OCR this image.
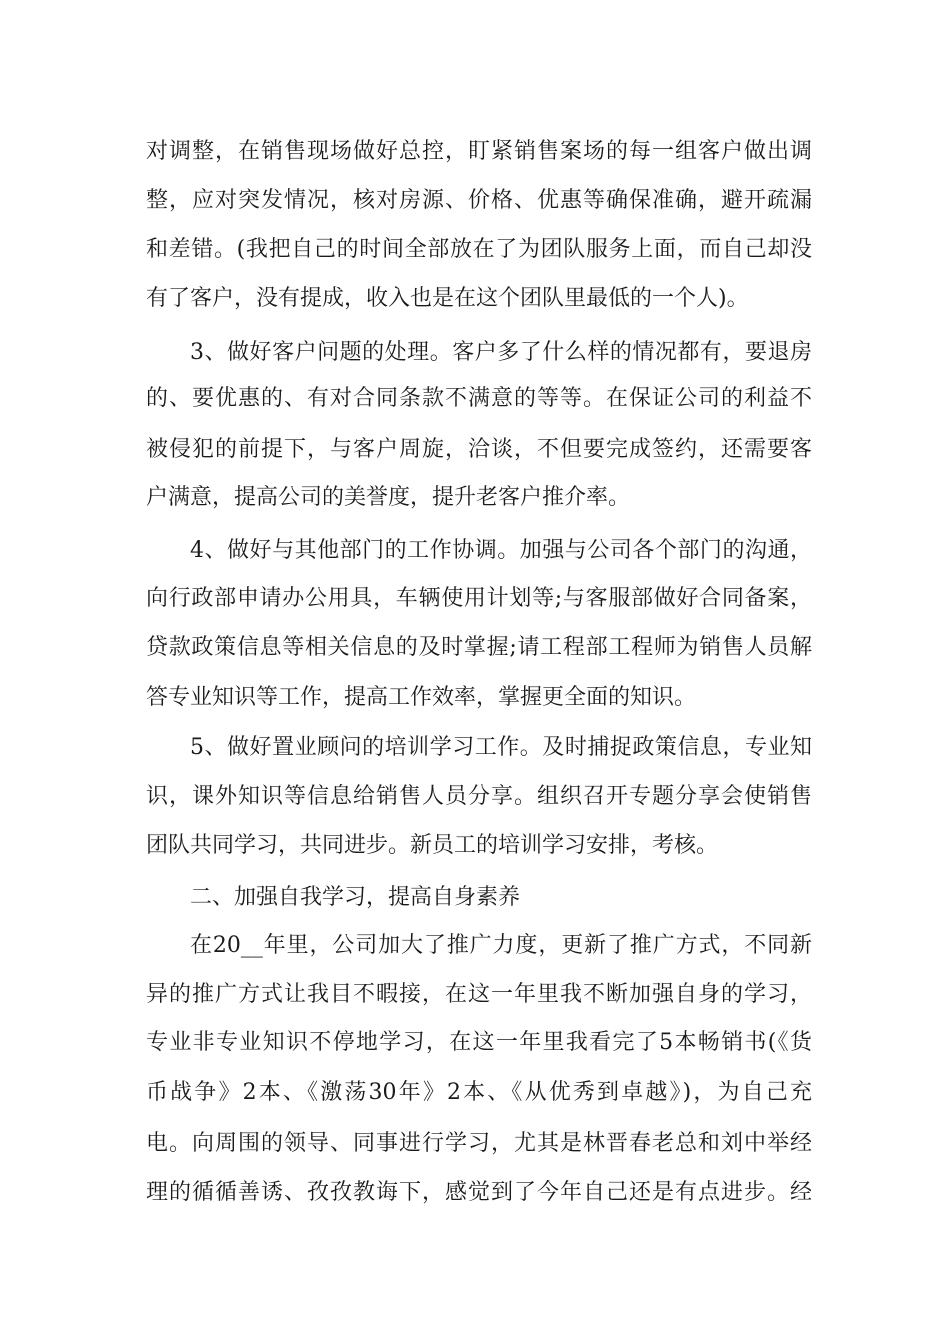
对调整，在销售现场做好总控，盯紧销售案场的每一组客户做出调
整，应对突发情况，核对房源、价格、优惠等确保准确，避开疏漏
和差错。(我把自己的时间全部放在了为团队服务上面，而自己却没
有了客户，没有提成，收入也是在这个团队里最低的一个人)。
3、做好客户问题的处理。客户多了什么样的情况都有，要退房
的、要优惠的、有对合同条款不满意的等等。在保证公司的利益不
被侵犯的前提下，与客户周旋，洽谈，不但要完成签约，还需要客
户满意，提高公司的美誉度，提升老客户推介率。
4、做好与其他部门的工作协调。加强与公司各个部门的沟通，
向行政部申请办公用具，车辆使用计划等;与客服部做好合同备案，
贷款政策信息等相关信息的及时掌握;请工程部工程师为销售人员解
答专业知识等工作，提高工作效率，掌握更全面的知识。
5、做好置业顾问的培训学习工作。及时捕捉政策信息，专业知
识，课外知识等信息给销售人员分享。组织召开专题分享会使销售
团队共同学习，共同进步。新员工的培训学习安排，考核。
二、加强自我学习，提高自身素养
在20__年里，公司加大了推广力度，更新了推广方式，不同新
异的推广方式让我目不暇接，在这一年里我不断加强自身的学习，
专业非专业知识不停地学习，在这一年里我看完了5本畅销书(《货
币战争》2本、《激荡30年》2本、《从优秀到卓越》)，为自己充
电。向周围的领导、同事进行学习，尤其是林晋春老总和刘中举经
理的循循善诱、孜孜教诲下，感觉到了今年自己还是有点进步。经
